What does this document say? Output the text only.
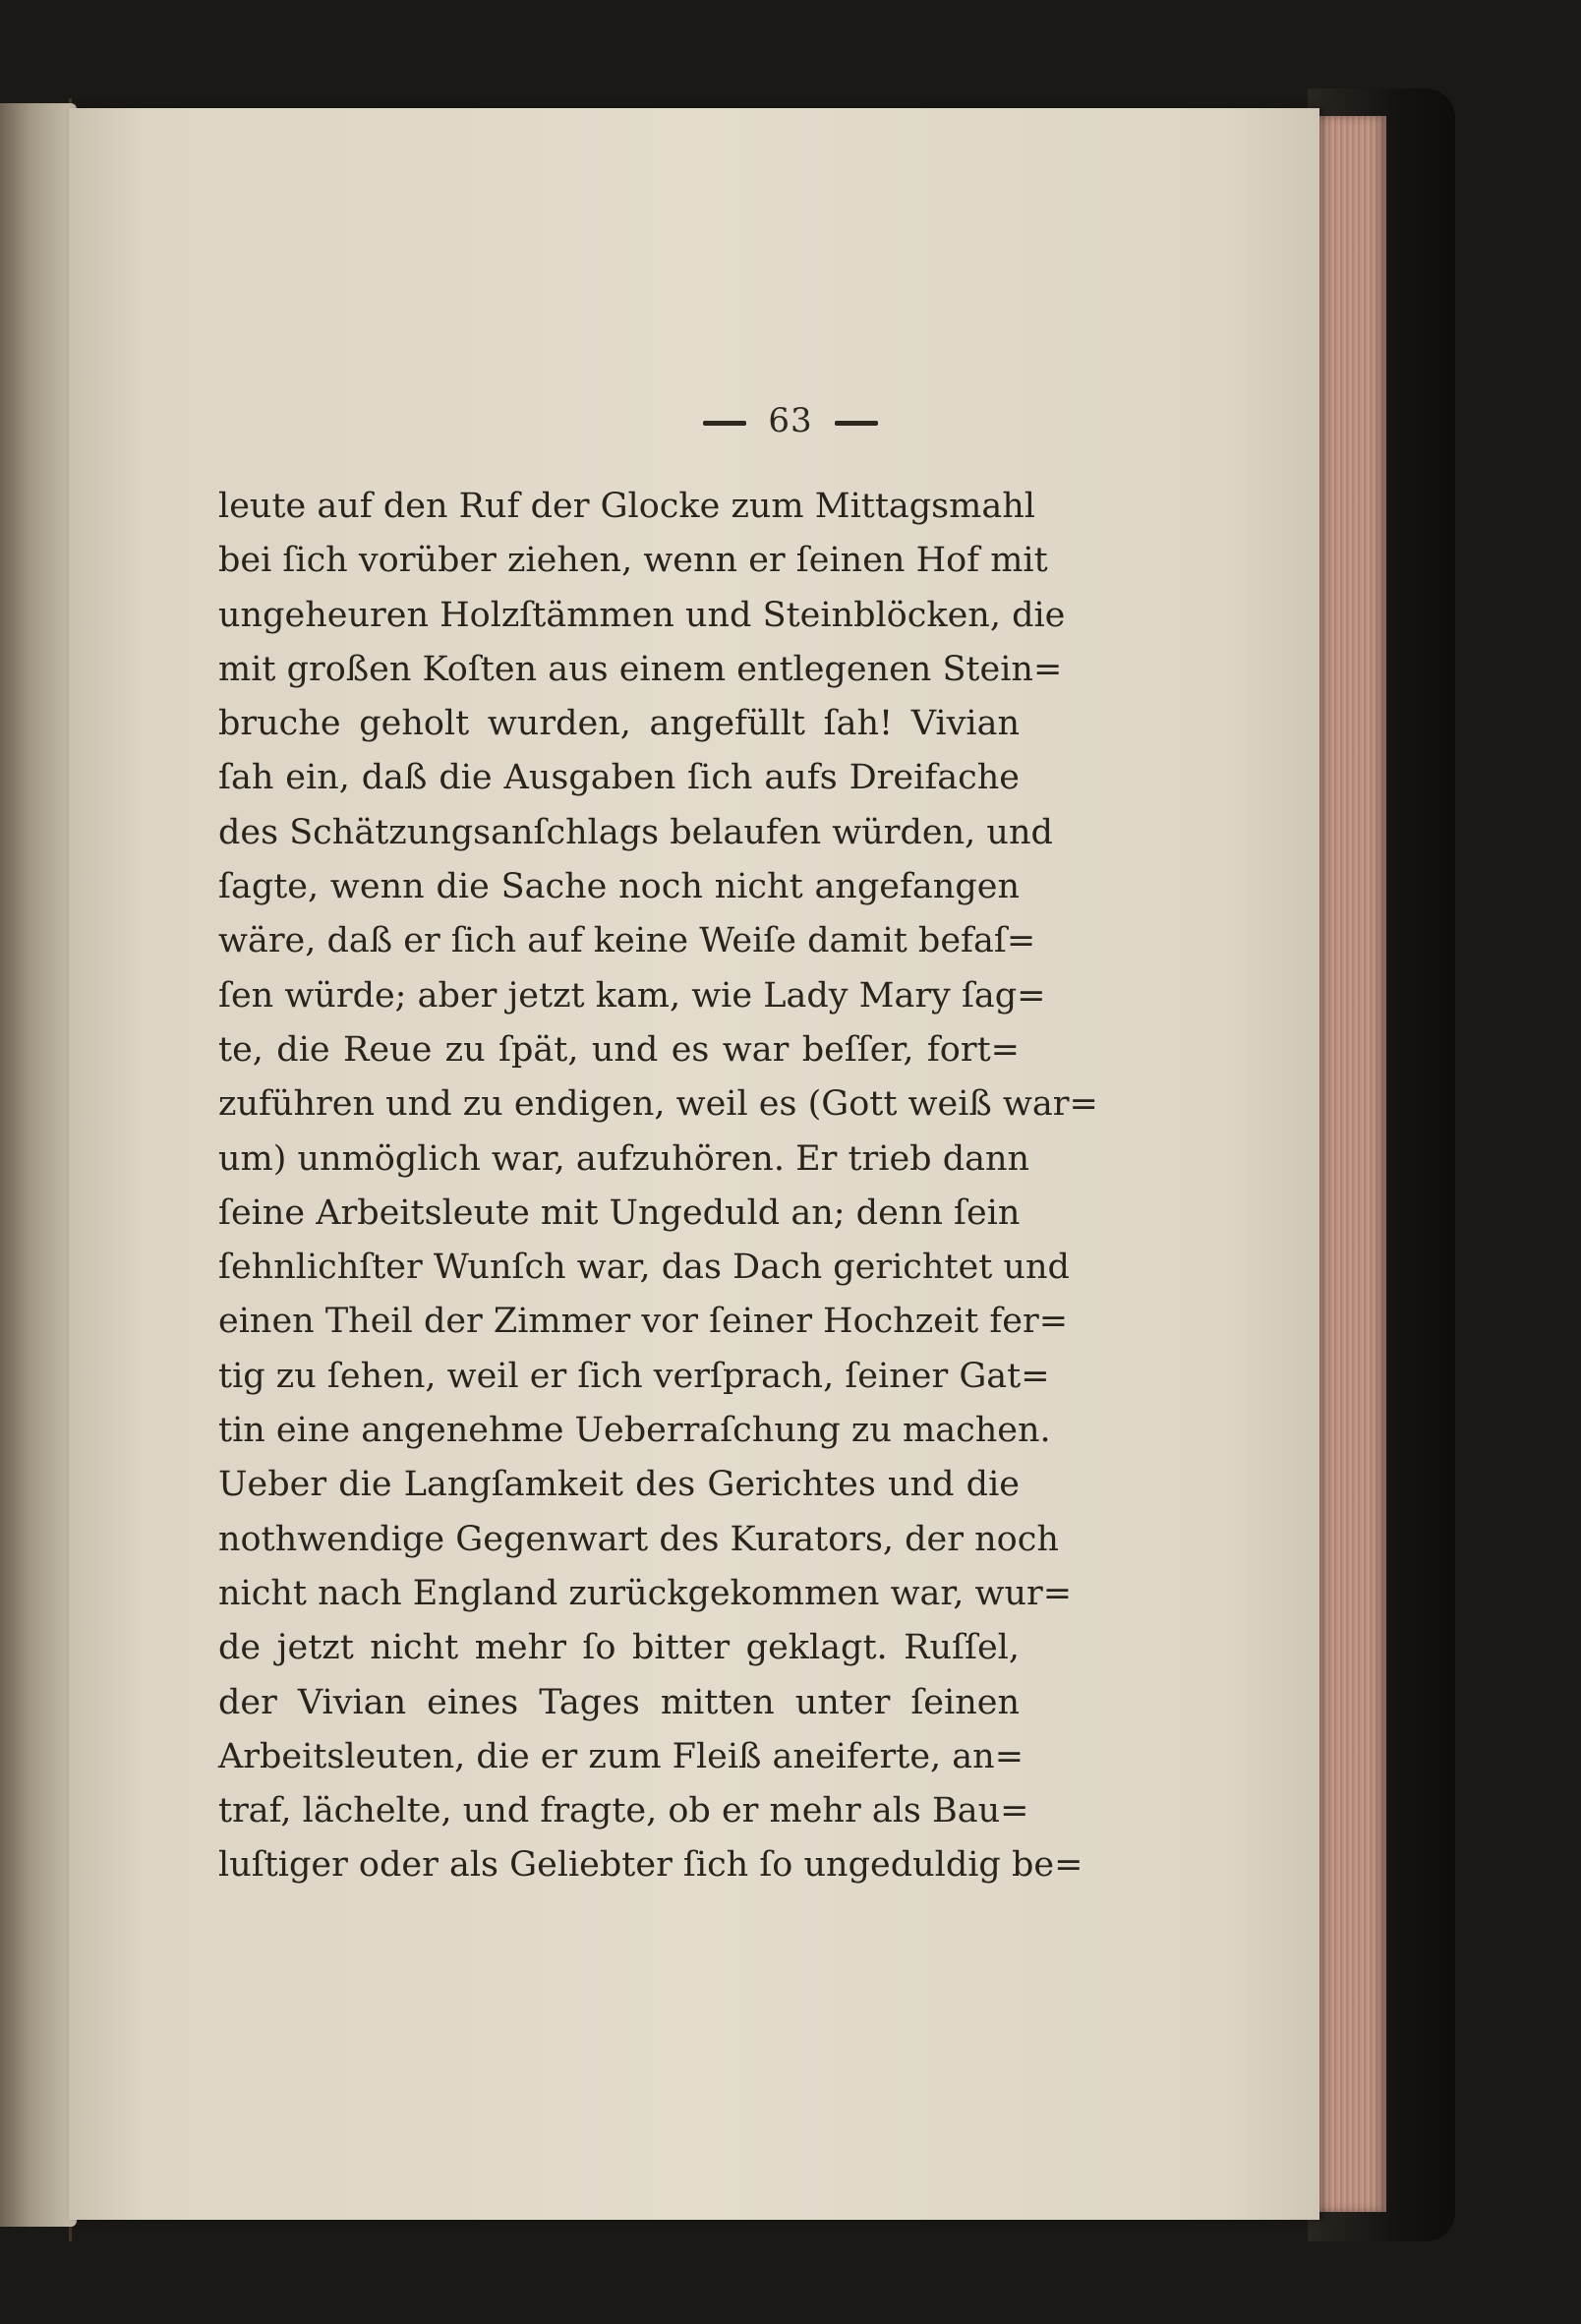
63
leute auf den Ruf der Glocke zum Mittagsmahl
bei ſich vorüber ziehen, wenn er ſeinen Hof mit
ungeheuren Holzſtämmen und Steinblöcken, die
mit großen Koſten aus einem entlegenen Stein=
bruche geholt wurden, angefüllt ſah! Vivian
ſah ein, daß die Ausgaben ſich aufs Dreifache
des Schätzungsanſchlags belaufen würden, und
ſagte, wenn die Sache noch nicht angefangen
wäre, daß er ſich auf keine Weiſe damit befaſ=
ſen würde; aber jetzt kam, wie Lady Mary ſag=
te, die Reue zu ſpät, und es war beſſer, fort=
zuführen und zu endigen, weil es (Gott weiß war=
um) unmöglich war, aufzuhören. Er trieb dann
ſeine Arbeitsleute mit Ungeduld an; denn ſein
ſehnlichſter Wunſch war, das Dach gerichtet und
einen Theil der Zimmer vor ſeiner Hochzeit fer=
tig zu ſehen, weil er ſich verſprach, ſeiner Gat=
tin eine angenehme Ueberraſchung zu machen.
Ueber die Langſamkeit des Gerichtes und die
nothwendige Gegenwart des Kurators, der noch
nicht nach England zurückgekommen war, wur=
de jetzt nicht mehr ſo bitter geklagt. Ruſſel,
der Vivian eines Tages mitten unter ſeinen
Arbeitsleuten, die er zum Fleiß aneiferte, an=
traf, lächelte, und fragte, ob er mehr als Bau=
luſtiger oder als Geliebter ſich ſo ungeduldig be=
